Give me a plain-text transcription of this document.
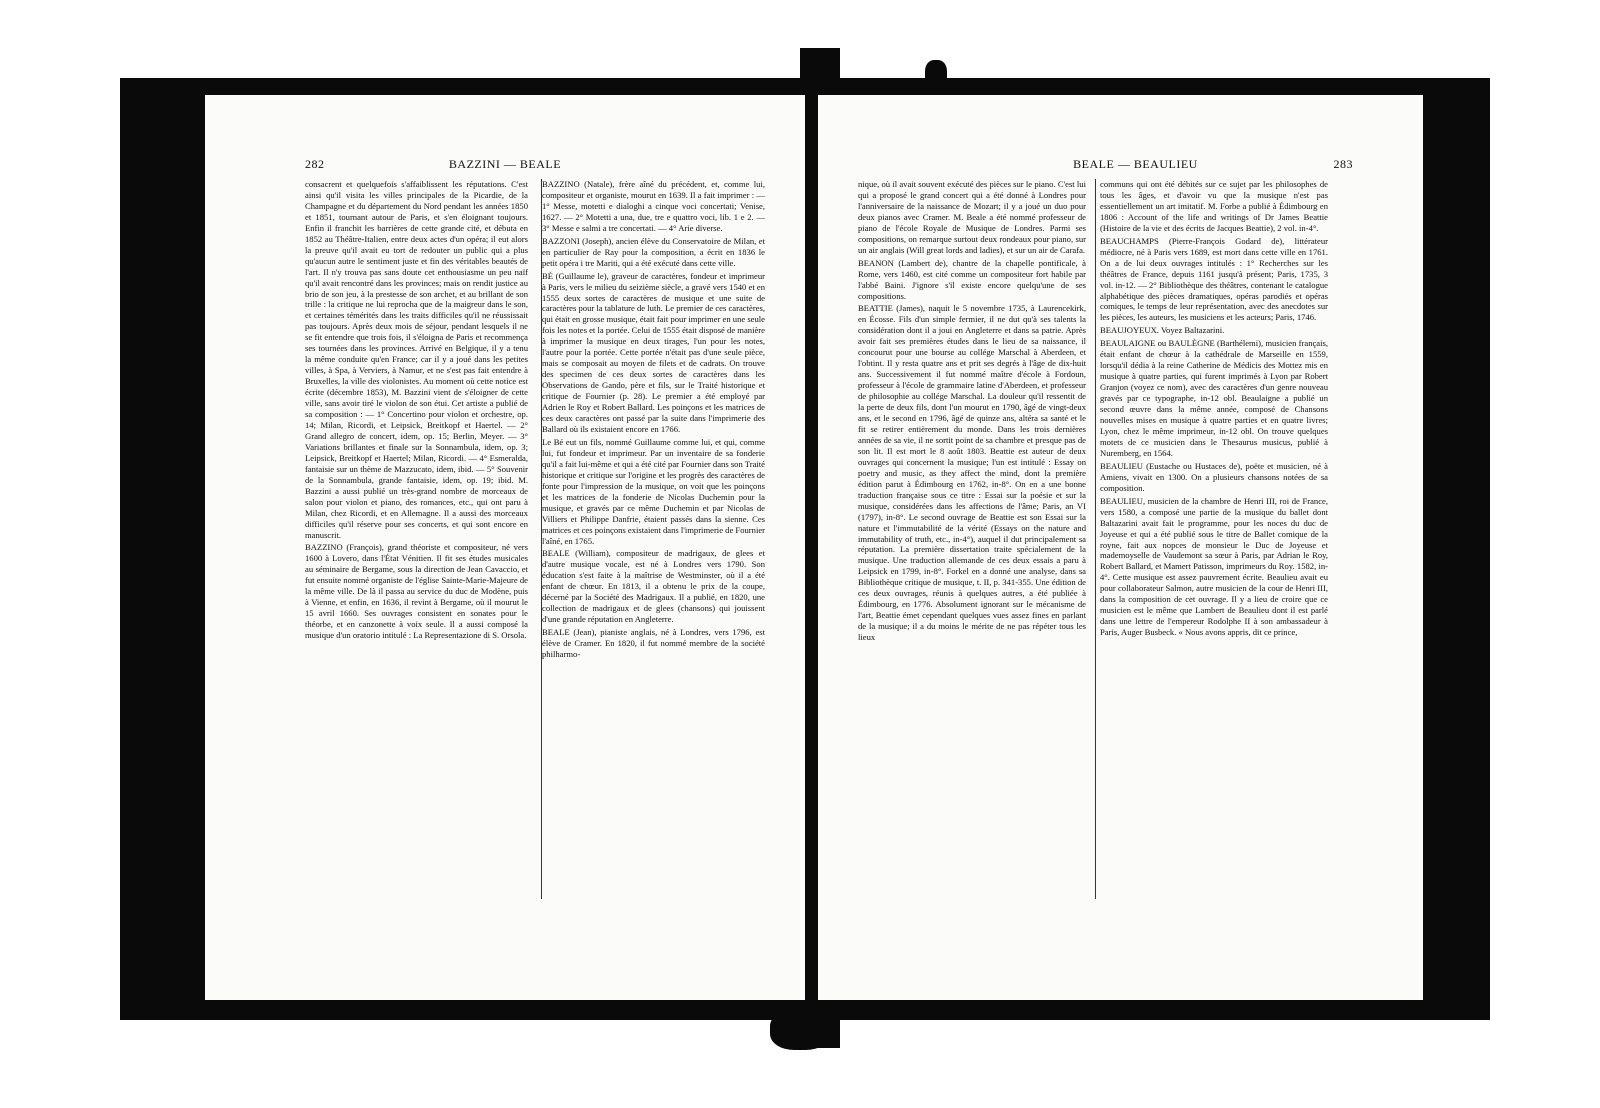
282	BAZZINI — BEALE

consacrent et quelquefois s'affaiblissent les réputations. C'est ainsi qu'il visita les villes principales de la Picardie, de la Champagne et du département du Nord pendant les années 1850 et 1851, tournant autour de Paris, et s'en éloignant toujours. Enfin il franchit les barrières de cette grande cité, et débuta en 1852 au Théâtre-Italien, entre deux actes d'un opéra; il eut alors la preuve qu'il avait eu tort de redouter un public qui a plus qu'aucun autre le sentiment juste et fin des véritables beautés de l'art. Il n'y trouva pas sans doute cet enthousiasme un peu naïf qu'il avait rencontré dans les provinces; mais on rendit justice au brio de son jeu, à la prestesse de son archet, et au brillant de son trille : la critique ne lui reprocha que de la maigreur dans le son, et certaines témérités dans les traits difficiles qu'il ne réussissait pas toujours. Après deux mois de séjour, pendant lesquels il ne se fit entendre que trois fois, il s'éloigna de Paris et recommença ses tournées dans les provinces. Arrivé en Belgique, il y a tenu la même conduite qu'en France; car il y a joué dans les petites villes, à Spa, à Verviers, à Namur, et ne s'est pas fait entendre à Bruxelles, la ville des violonistes. Au moment où cette notice est écrite (décembre 1853), M. Bazzini vient de s'éloigner de cette ville, sans avoir tiré le violon de son étui. Cet artiste a publié de sa composition : — 1° Concertino pour violon et orchestre, op. 14; Milan, Ricordi, et Leipsick, Breitkopf et Haertel. — 2° Grand allegro de concert, idem, op. 15; Berlin, Meyer. — 3° Variations brillantes et finale sur la Sonnambula, idem, op. 3; Leipsick, Breitkopf et Haertel; Milan, Ricordi. — 4° Esmeralda, fantaisie sur un thème de Mazzucato, idem, ibid. — 5° Souvenir de la Sonnambula, grande fantaisie, idem, op. 19; ibid. M. Bazzini a aussi publié un très-grand nombre de morceaux de salon pour violon et piano, des romances, etc., qui ont paru à Milan, chez Ricordi, et en Allemagne. Il a aussi des morceaux difficiles qu'il réserve pour ses concerts, et qui sont encore en manuscrit.

BAZZINO (François), grand théoriste et compositeur, né vers 1600 à Lovero, dans l'État Vénitien. Il fit ses études musicales au séminaire de Bergame, sous la direction de Jean Cavaccio, et fut ensuite nommé organiste de l'église Sainte-Marie-Majeure de la même ville. De là il passa au service du duc de Modène, puis à Vienne, et enfin, en 1636, il revint à Bergame, où il mourut le 15 avril 1660. Ses ouvrages consistent en sonates pour le théorbe, et en canzonette à voix seule. Il a aussi composé la musique d'un oratorio intitulé : La Representazione di S. Orsola.

BAZZINO (Natale), frère aîné du précédent, et, comme lui, compositeur et organiste, mourut en 1639. Il a fait imprimer : — 1° Messe, motetti e dialoghi a cinque voci concertati; Venise, 1627. — 2° Motetti a una, due, tre e quattro voci, lib. 1 e 2. — 3° Messe e salmi a tre concertati. — 4° Arie diverse.

BAZZONI (Joseph), ancien élève du Conservatoire de Milan, et en particulier de Ray pour la composition, a écrit en 1836 le petit opéra i tre Mariti, qui a été exécuté dans cette ville.

BÉ (Guillaume le), graveur de caractères, fondeur et imprimeur à Paris, vers le milieu du seizième siècle, a gravé vers 1540 et en 1555 deux sortes de caractères de musique et une suite de caractères pour la tablature de luth. Le premier de ces caractères, qui était en grosse musique, était fait pour imprimer en une seule fois les notes et la portée. Celui de 1555 était disposé de manière à imprimer la musique en deux tirages, l'un pour les notes, l'autre pour la portée. Cette portée n'était pas d'une seule pièce, mais se composait au moyen de filets et de cadrats. On trouve des specimen de ces deux sortes de caractères dans les Observations de Gando, père et fils, sur le Traité historique et critique de Fournier (p. 28). Le premier a été employé par Adrien le Roy et Robert Ballard. Les poinçons et les matrices de ces deux caractères ont passé par la suite dans l'imprimerie des Ballard où ils existaient encore en 1766.

Le Bé eut un fils, nommé Guillaume comme lui, et qui, comme lui, fut fondeur et imprimeur. Par un inventaire de sa fonderie qu'il a fait lui-même et qui a été cité par Fournier dans son Traité historique et critique sur l'origine et les progrès des caractères de fonte pour l'impression de la musique, on voit que les poinçons et les matrices de la fonderie de Nicolas Duchemin pour la musique, et gravés par ce même Duchemin et par Nicolas de Villiers et Philippe Danfrie, étaient passés dans la sienne. Ces matrices et ces poinçons existaient dans l'imprimerie de Fournier l'aîné, en 1765.

BEALE (William), compositeur de madrigaux, de glees et d'autre musique vocale, est né à Londres vers 1790. Son éducation s'est faite à la maîtrise de Westminster, où il a été enfant de chœur. En 1813, il a obtenu le prix de la coupe, décerné par la Société des Madrigaux. Il a publié, en 1820, une collection de madrigaux et de glees (chansons) qui jouissent d'une grande réputation en Angleterre.

BEALE (Jean), pianiste anglais, né à Londres, vers 1796, est élève de Cramer. En 1820, il fut nommé membre de la société philharmo-

BEALE — BEAULIEU	283

nique, où il avait souvent exécuté des pièces sur le piano. C'est lui qui a proposé le grand concert qui a été donné à Londres pour l'anniversaire de la naissance de Mozart; il y a joué un duo pour deux pianos avec Cramer. M. Beale a été nommé professeur de piano de l'école Royale de Musique de Londres. Parmi ses compositions, on remarque surtout deux rondeaux pour piano, sur un air anglais (Will great lords and ladies), et sur un air de Carafa.

BEANON (Lambert de), chantre de la chapelle pontificale, à Rome, vers 1460, est cité comme un compositeur fort habile par l'abbé Baini. J'ignore s'il existe encore quelqu'une de ses compositions.

BEATTIE (James), naquit le 5 novembre 1735, à Laurencekirk, en Écosse. Fils d'un simple fermier, il ne dut qu'à ses talents la considération dont il a joui en Angleterre et dans sa patrie. Après avoir fait ses premières études dans le lieu de sa naissance, il concourut pour une bourse au collége Marschal à Aberdeen, et l'obtint. Il y resta quatre ans et prit ses degrés à l'âge de dix-huit ans. Successivement il fut nommé maître d'école à Fordoun, professeur à l'école de grammaire latine d'Aberdeen, et professeur de philosophie au collége Marschal. La douleur qu'il ressentit de la perte de deux fils, dont l'un mourut en 1790, âgé de vingt-deux ans, et le second en 1796, âgé de quinze ans, altéra sa santé et le fit se retirer entièrement du monde. Dans les trois dernières années de sa vie, il ne sortit point de sa chambre et presque pas de son lit. Il est mort le 8 août 1803. Beattie est auteur de deux ouvrages qui concernent la musique; l'un est intitulé : Essay on poetry and music, as they affect the mind, dont la première édition parut à Édimbourg en 1762, in-8°. On en a une bonne traduction française sous ce titre : Essai sur la poésie et sur la musique, considérées dans les affections de l'âme; Paris, an VI (1797), in-8°. Le second ouvrage de Beattie est son Essai sur la nature et l'immutabilité de la vérité (Essays on the nature and immutability of truth, etc., in-4°), auquel il dut principalement sa réputation. La première dissertation traite spécialement de la musique. Une traduction allemande de ces deux essais a paru à Leipsick en 1799, in-8°. Forkel en a donné une analyse, dans sa Bibliothèque critique de musique, t. II, p. 341-355. Une édition de ces deux ouvrages, réunis à quelques autres, a été publiée à Édimbourg, en 1776. Absolument ignorant sur le mécanisme de l'art, Beattie émet cependant quelques vues assez fines en parlant de la musique; il a du moins le mérite de ne pas répéter tous les lieux

communs qui ont été débités sur ce sujet par les philosophes de tous les âges, et d'avoir vu que la musique n'est pas essentiellement un art imitatif. M. Forbe a publié à Édimbourg en 1806 : Account of the life and writings of Dr James Beattie (Histoire de la vie et des écrits de Jacques Beattie), 2 vol. in-4°.

BEAUCHAMPS (Pierre-François Godard de), littérateur médiocre, né à Paris vers 1689, est mort dans cette ville en 1761. On a de lui deux ouvrages intitulés : 1° Recherches sur les théâtres de France, depuis 1161 jusqu'à présent; Paris, 1735, 3 vol. in-12. — 2° Bibliothèque des théâtres, contenant le catalogue alphabétique des pièces dramatiques, opéras parodiés et opéras comiques, le temps de leur représentation, avec des anecdotes sur les pièces, les auteurs, les musiciens et les acteurs; Paris, 1746.

BEAUJOYEUX. Voyez Baltazarini.

BEAULAIGNE ou BAULÈGNE (Barthélemi), musicien français, était enfant de chœur à la cathédrale de Marseille en 1559, lorsqu'il dédia à la reine Catherine de Médicis des Mottez mis en musique à quatre parties, qui furent imprimés à Lyon par Robert Granjon (voyez ce nom), avec des caractères d'un genre nouveau gravés par ce typographe, in-12 obl. Beaulaigne a publié un second œuvre dans la même année, composé de Chansons nouvelles mises en musique à quatre parties et en quatre livres; Lyon, chez le même imprimeur, in-12 obl. On trouve quelques motets de ce musicien dans le Thesaurus musicus, publié à Nuremberg, en 1564.

BEAULIEU (Eustache ou Hustaces de), poëte et musicien, né à Amiens, vivait en 1300. On a plusieurs chansons notées de sa composition.

BEAULIEU, musicien de la chambre de Henri III, roi de France, vers 1580, a composé une partie de la musique du ballet dont Baltazarini avait fait le programme, pour les noces du duc de Joyeuse et qui a été publié sous le titre de Ballet comique de la royne, fait aux nopces de monsieur le Duc de Joyeuse et mademoyselle de Vaudemont sa sœur à Paris, par Adrian le Roy, Robert Ballard, et Mamert Patisson, imprimeurs du Roy. 1582, in-4°. Cette musique est assez pauvrement écrite. Beaulieu avait eu pour collaborateur Salmon, autre musicien de la cour de Henri III, dans la composition de cet ouvrage. Il y a lieu de croire que ce musicien est le même que Lambert de Beaulieu dont il est parlé dans une lettre de l'empereur Rodolphe II à son ambassadeur à Paris, Auger Busbeck. « Nous avons appris, dit ce prince,
